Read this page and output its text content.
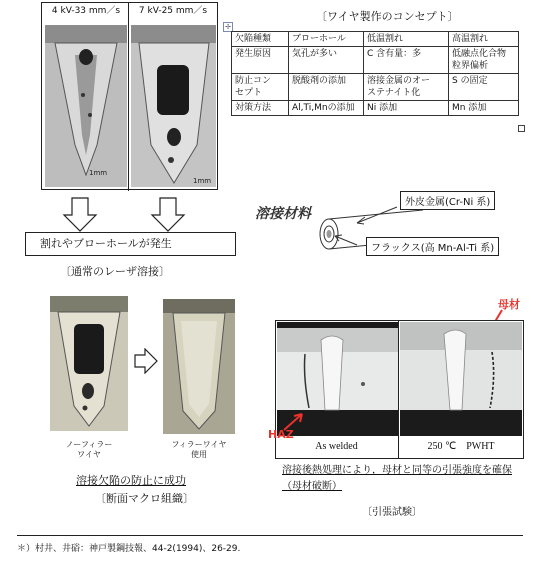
4 kV-33 mm／s	7 kV-25 mm／s
1mm
1mm
割れやブローホールが発生
〔通常のレーザ溶接〕
〔ワイヤ製作のコンセプト〕
✢
欠陥種類	ブローホール	低温割れ	高温割れ
発生原因	気孔が多い	C 含有量：多	低融点化合物
粒界偏析
防止コン
セプト	脱酸剤の添加	溶接金属のオー
ステナイト化	S の固定
対策方法	Al,Ti,Mnの添加	Ni 添加	Mn 添加
溶接材料
外皮金属(Cr-Ni 系)
フラックス(高 Mn-Al-Ti 系)
ノーフィラー
ワイヤ
フィラーワイヤ
使用
溶接欠陥の防止に成功
〔断面マクロ組織〕
母材
As welded	250 ℃　PWHT
HAZ
溶接後熱処理により，母材と同等の引張強度を確保（母材破断）
〔引張試験〕
＊）村井、井硲：神戸製鋼技報、44-2(1994)、26-29.
